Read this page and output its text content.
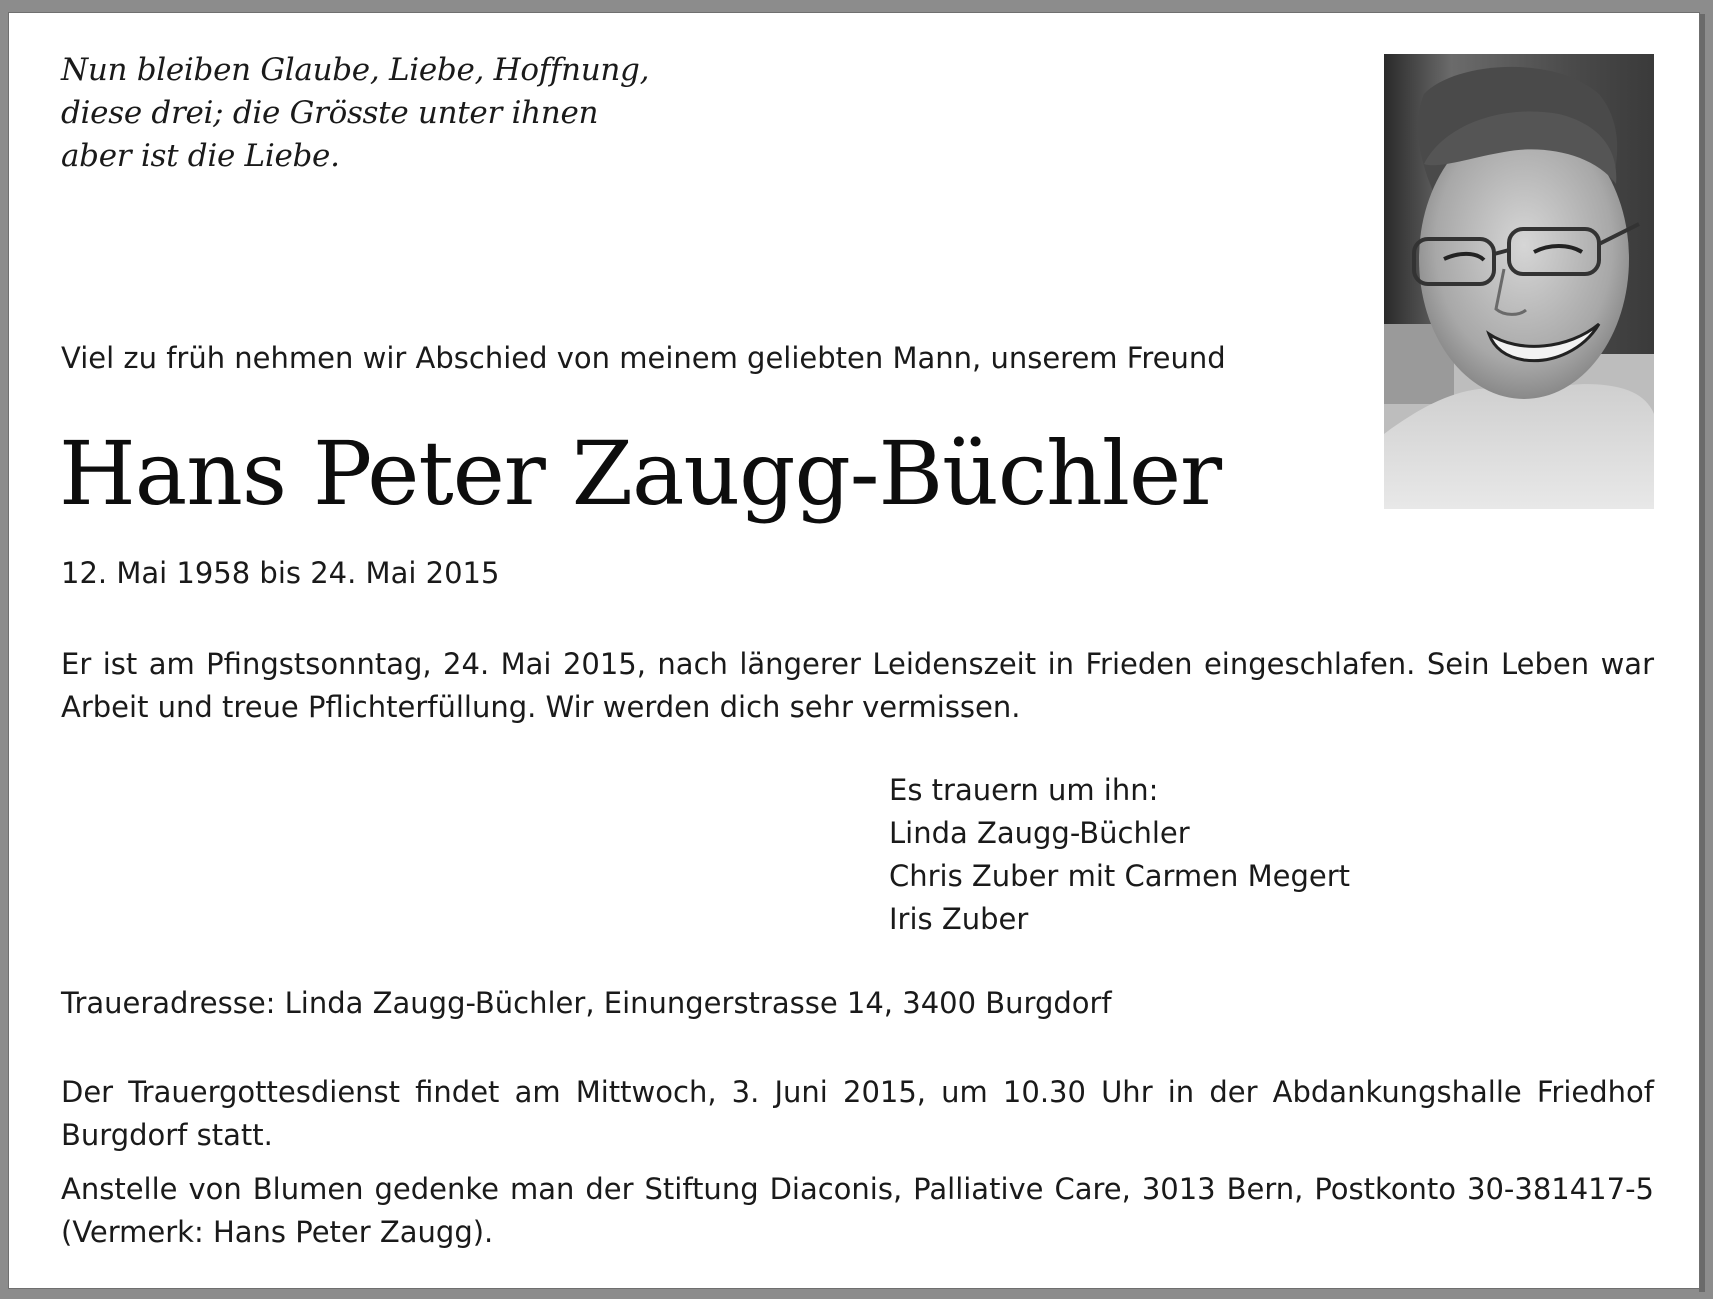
Nun bleiben Glaube, Liebe, Hoffnung,
diese drei; die Grösste unter ihnen
aber ist die Liebe.
Viel zu früh nehmen wir Abschied von meinem geliebten Mann, unserem Freund
Hans Peter Zaugg-Büchler
12. Mai 1958 bis 24. Mai 2015
Er ist am Pfingstsonntag, 24. Mai 2015, nach längerer Leidenszeit in Frieden eingeschlafen. Sein Leben war Arbeit und treue Pflichterfüllung. Wir werden dich sehr vermissen.
Es trauern um ihn:
Linda Zaugg-Büchler
Chris Zuber mit Carmen Megert
Iris Zuber
Traueradresse: Linda Zaugg-Büchler, Einungerstrasse 14, 3400 Burgdorf
Der Trauergottesdienst findet am Mittwoch, 3. Juni 2015, um 10.30 Uhr in der Abdankungshalle Friedhof Burgdorf statt.
Anstelle von Blumen gedenke man der Stiftung Diaconis, Palliative Care, 3013 Bern, Postkonto 30-381417-5 (Vermerk: Hans Peter Zaugg).
